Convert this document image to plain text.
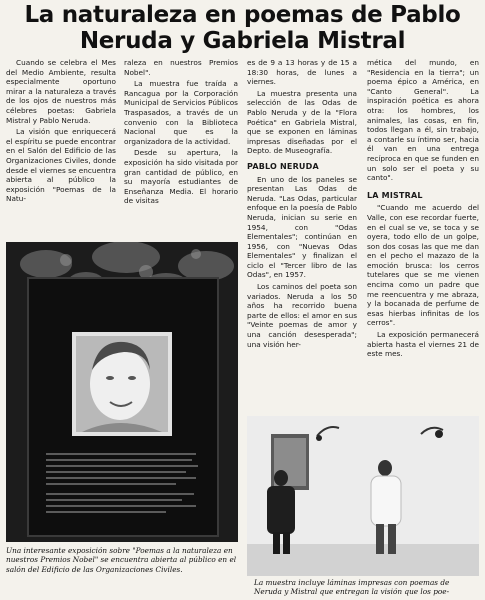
La naturaleza en poemas de Pablo
Neruda y Gabriela Mistral

Cuando se celebra el Mes del Medio Ambiente, resulta especialmente oportuno mirar a la naturaleza a través de los ojos de nuestros más célebres poetas: Gabriela Mistral y Pablo Neruda.

La visión que enriquecerá el espíritu se puede encontrar en el Salón del Edificio de las Organizaciones Civiles, donde desde el viernes se encuentra abierta al público la exposición "Poemas de la Natu-

raleza en nuestros Premios Nobel".

La muestra fue traída a Rancagua por la Corporación Municipal de Servicios Públicos Traspasados, a través de un convenio con la Biblioteca Nacional que es la organizadora de la actividad.

Desde su apertura, la exposición ha sido visitada por gran cantidad de público, en su mayoría estudiantes de Enseñanza Media. El horario de visitas

es de 9 a 13 horas y de 15 a 18:30 horas, de lunes a viernes.

La muestra presenta una selección de las Odas de Pablo Neruda y de la "Flora Poética" en Gabriela Mistral, que se exponen en láminas impresas diseñadas por el Depto. de Museografía.

PABLO NERUDA

En uno de los paneles se presentan Las Odas de Neruda. "Las Odas, particular enfoque en la poesía de Pablo Neruda, inician su serie en 1954, con "Odas Elementales"; continúan en 1956, con "Nuevas Odas Elementales" y finalizan el ciclo el "Tercer libro de las Odas", en 1957.

Los caminos del poeta son variados. Neruda a los 50 años ha recorrido buena parte de ellos: el amor en sus "Veinte poemas de amor y una canción desesperada"; una visión her-

mética del mundo, en "Residencia en la tierra"; un poema épico a América, en "Canto General". La inspiración poética es ahora otra: los hombres, los animales, las cosas, en fin, todos llegan a él, sin trabajo, a contarle su íntimo ser, hacia él van en una entrega recíproca en que se funden en un solo ser el poeta y su canto".

LA MISTRAL

"Cuando me acuerdo del Valle, con ese recordar fuerte, en el cual se ve, se toca y se oyera, todo ello de un golpe, son dos cosas las que me dan en el pecho el mazazo de la emoción brusca: los cerros tutelares que se me vienen encima como un padre que me reencuentra y me abraza, y la bocanada de perfume de esas hierbas infinitas de los cerros".

La exposición permanecerá abierta hasta el viernes 21 de este mes.

Una interesante exposición sobre "Poemas a la naturaleza en nuestros Premios Nobel" se encuentra abierta al público en el salón del Edificio de las Organizaciones Civiles.
La muestra incluye láminas impresas con poemas de Neruda y Mistral que entregan la visión que los poe-
